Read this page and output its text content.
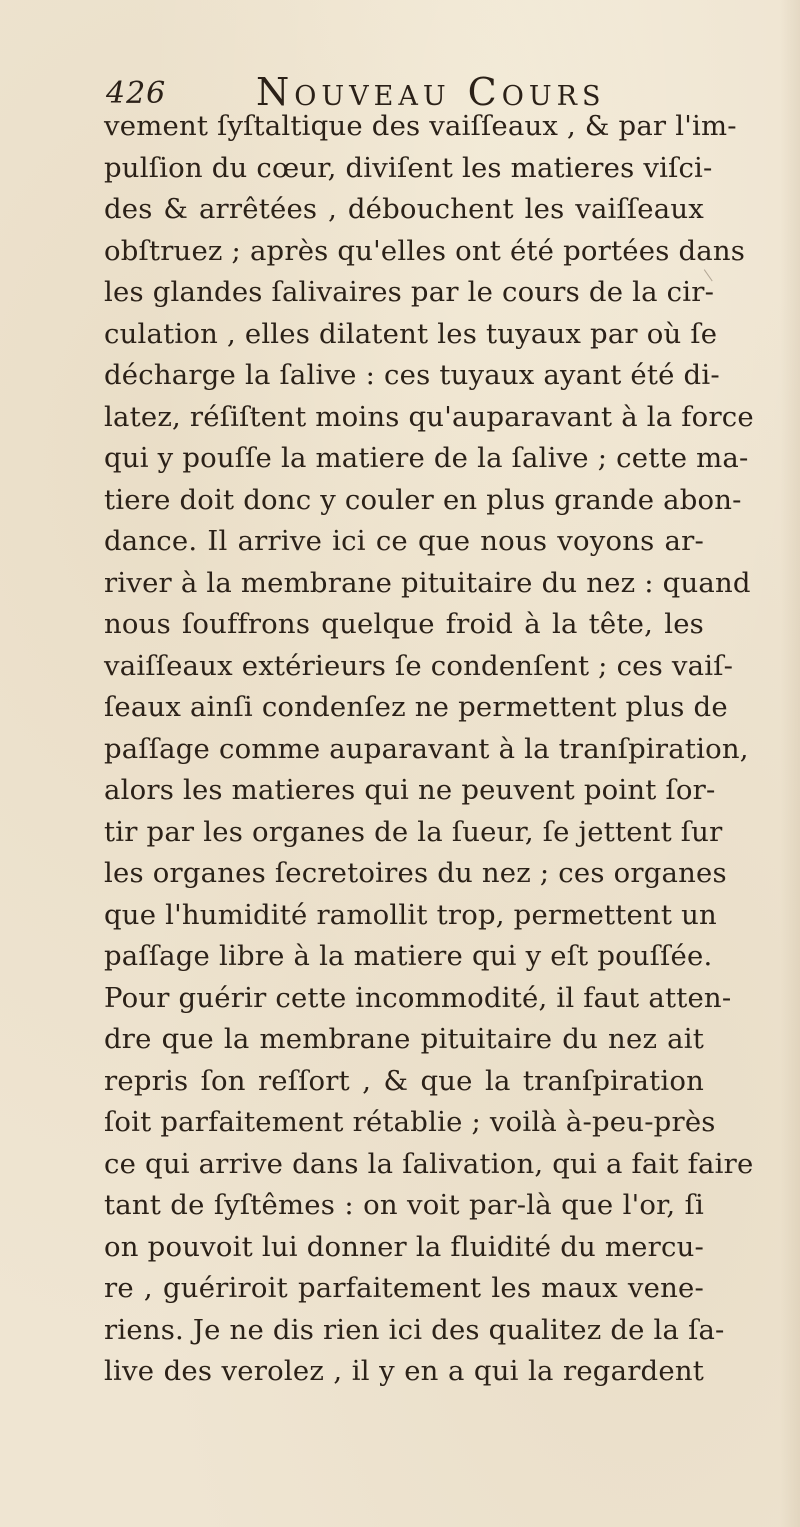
426 Nouveau Cours
vement ſyſtaltique des vaiſſeaux , & par l'im-
pulſion du cœur, diviſent les matieres viſci-
des & arrêtées , débouchent les vaiſſeaux
obſtruez ; après qu'elles ont été portées dans
les glandes ſalivaires par le cours de la cir-
culation , elles dilatent les tuyaux par où ſe
décharge la ſalive : ces tuyaux ayant été di-
latez, réſiſtent moins qu'auparavant à la force
qui y pouſſe la matiere de la ſalive ; cette ma-
tiere doit donc y couler en plus grande abon-
dance. Il arrive ici ce que nous voyons ar-
river à la membrane pituitaire du nez : quand
nous ſouffrons quelque froid à la tête, les
vaiſſeaux extérieurs ſe condenſent ; ces vaiſ-
ſeaux ainſi condenſez ne permettent plus de
paſſage comme auparavant à la tranſpiration,
alors les matieres qui ne peuvent point ſor-
tir par les organes de la ſueur, ſe jettent ſur
les organes ſecretoires du nez ; ces organes
que l'humidité ramollit trop, permettent un
paſſage libre à la matiere qui y eſt pouſſée.
Pour guérir cette incommodité, il faut atten-
dre que la membrane pituitaire du nez ait
repris ſon reſſort , & que la tranſpiration
ſoit parfaitement rétablie ; voilà à-peu-près
ce qui arrive dans la ſalivation, qui a fait faire
tant de ſyſtêmes : on voit par-là que l'or, ſi
on pouvoit lui donner la fluidité du mercu-
re , guériroit parfaitement les maux vene-
riens. Je ne dis rien ici des qualitez de la ſa-
live des verolez , il y en a qui la regardent
